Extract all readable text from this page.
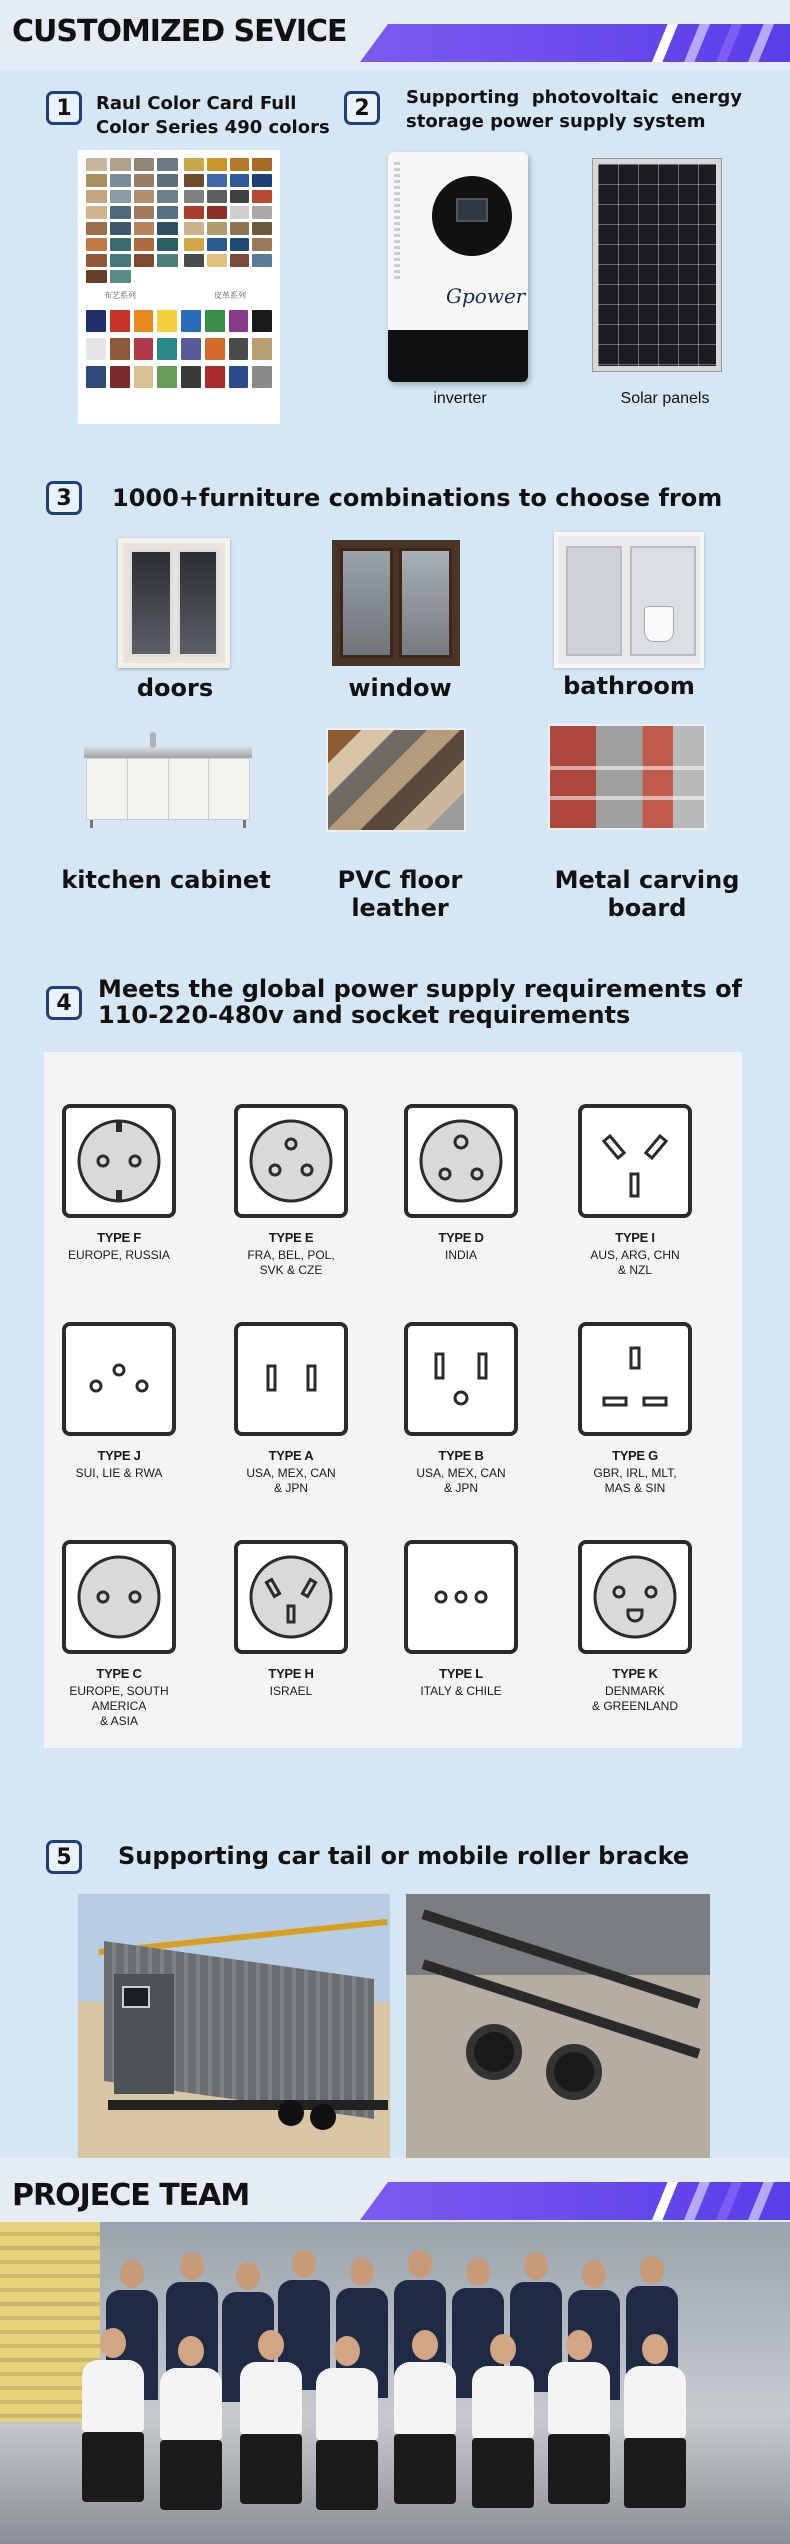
CUSTOMIZED SEVICE
1	Raul Color Card Full
Color Series 490 colors
布艺系列	皮革系列
2	Supporting  photovoltaic  energy
storage power supply system
Gpower
inverter	Solar panels
3	1000+furniture combinations to choose from
doors	window	bathroom
kitchen cabinet	PVC floor leather
Metal carving board
4	Meets the global power supply requirements of
110-220-480v and socket requirements
TYPE F
EUROPE, RUSSIA
TYPE E
FRA, BEL, POL,
SVK & CZE
TYPE D
INDIA
TYPE I
AUS, ARG, CHN
& NZL
TYPE J
SUI, LIE & RWA
TYPE A
USA, MEX, CAN
& JPN
TYPE B
USA, MEX, CAN
& JPN
TYPE G
GBR, IRL, MLT,
MAS & SIN
TYPE C
EUROPE, SOUTH AMERICA
& ASIA
TYPE H
ISRAEL
TYPE L
ITALY & CHILE
TYPE K
DENMARK
& GREENLAND
5	Supporting car tail or mobile roller bracke
PROJECE TEAM
